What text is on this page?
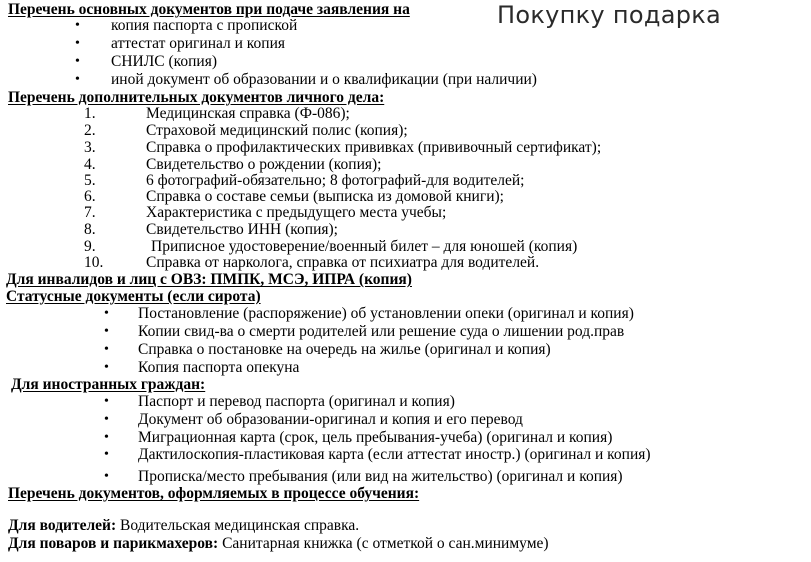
Перечень основных документов при подаче заявления на	Покупку подарка
• копия паспорта с пропиской
• аттестат оригинал и копия
• СНИЛС (копия)
• иной документ об образовании и о квалификации (при наличии)
Перечень дополнительных документов личного дела:
1.	Медицинская справка (Ф-086);
2.	Страховой медицинский полис (копия);
3.	Справка о профилактических прививках (прививочный сертификат);
4.	Свидетельство о рождении (копия);
5.	6 фотографий-обязательно; 8 фотографий-для водителей;
6.	Справка о составе семьи (выписка из домовой книги);
7.	Характеристика с предыдущего места учебы;
8.	Свидетельство ИНН (копия);
9.	Приписное удостоверение/военный билет – для юношей (копия)
10.	Справка от нарколога, справка от психиатра для водителей.
Для инвалидов и лиц с ОВЗ: ПМПК, МСЭ, ИПРА (копия)
Статусные документы (если сирота)
• Постановление (распоряжение) об установлении опеки (оригинал и копия)
• Копии свид-ва о смерти родителей или решение суда о лишении род.прав
• Справка о постановке на очередь на жилье (оригинал и копия)
• Копия паспорта опекуна
Для иностранных граждан:
• Паспорт и перевод паспорта (оригинал и копия)
• Документ об образовании-оригинал и копия и его перевод
• Миграционная карта (срок, цель пребывания-учеба) (оригинал и копия)
• Дактилоскопия-пластиковая карта (если аттестат иностр.) (оригинал и копия)
• Прописка/место пребывания (или вид на жительство) (оригинал и копия)
Перечень документов, оформляемых в процессе обучения:
Для водителей: Водительская медицинская справка.
Для поваров и парикмахеров: Санитарная книжка (с отметкой о сан.минимуме)
